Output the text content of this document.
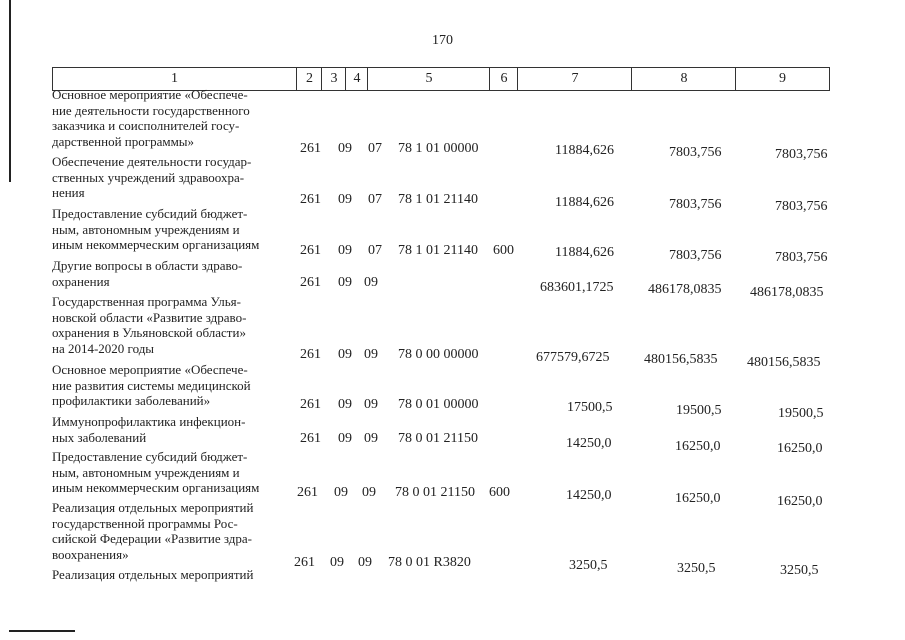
170
1	2	3	4	5	6	7	8	9
Основное мероприятие «Обеспече-
ние деятельности государственного
заказчика и соисполнителей госу-
дарственной программы»	261 09 07 78 1 01 00000	11884,626	7803,756	7803,756
Обеспечение деятельности государ-
ственных учреждений здравоохра-
нения	261 09 07 78 1 01 21140	11884,626	7803,756	7803,756
Предоставление субсидий бюджет-
ным, автономным учреждениям и
иным некоммерческим организациям	261 09 07 78 1 01 21140 600	11884,626	7803,756	7803,756
Другие вопросы в области здраво-
охранения	261 09 09	683601,1725 486178,0835 486178,0835
Государственная программа Улья-
новской области «Развитие здраво-
охранения в Ульяновской области»
на 2014-2020 годы	261 09 09 78 0 00 00000	677579,6725 480156,5835 480156,5835
Основное мероприятие «Обеспече-
ние развития системы медицинской
профилактики заболеваний»	261 09 09 78 0 01 00000	17500,5	19500,5	19500,5
Иммунопрофилактика инфекцион-
ных заболеваний	261 09 09 78 0 01 21150	14250,0	16250,0	16250,0
Предоставление субсидий бюджет-
ным, автономным учреждениям и
иным некоммерческим организациям	261 09 09 78 0 01 21150 600	14250,0	16250,0	16250,0
Реализация отдельных мероприятий
государственной программы Рос-
сийской Федерации «Развитие здра-
воохранения»
261 09 09 78 0 01 R3820	3250,5	3250,5	3250,5
Реализация отдельных мероприятий
